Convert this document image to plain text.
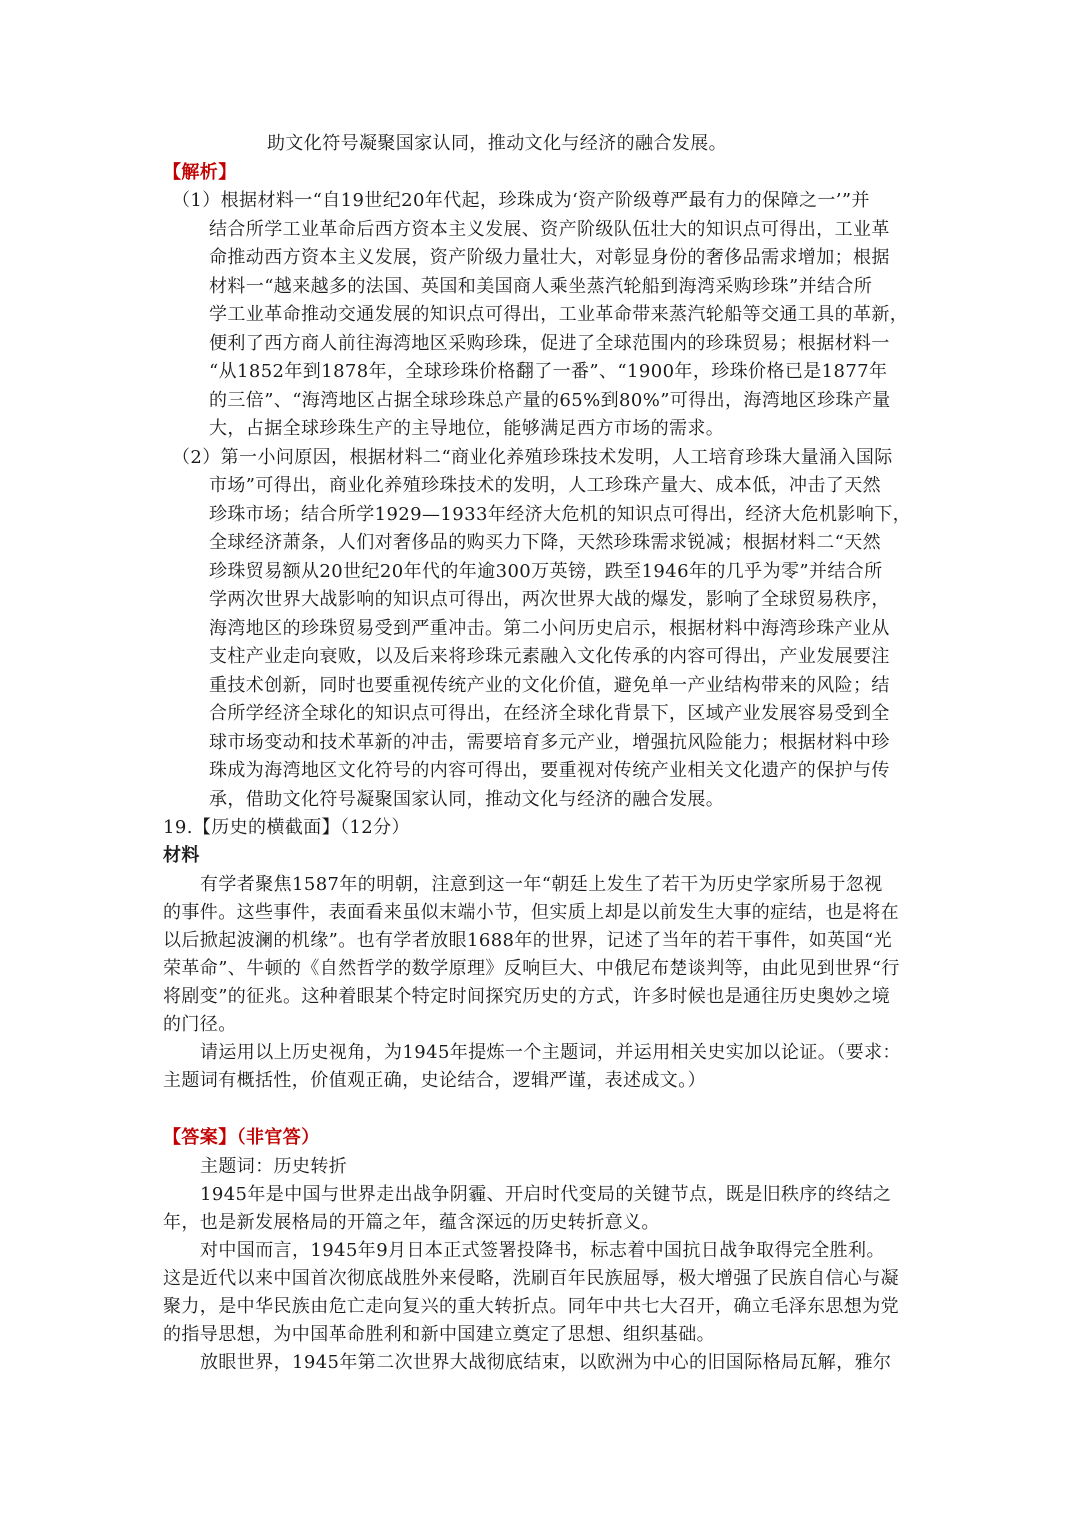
助文化符号凝聚国家认同，推动文化与经济的融合发展。
【解析】
（1）根据材料一“自19世纪20年代起，珍珠成为‘资产阶级尊严最有力的保障之一’”并
结合所学工业革命后西方资本主义发展、资产阶级队伍壮大的知识点可得出，工业革
命推动西方资本主义发展，资产阶级力量壮大，对彰显身份的奢侈品需求增加；根据
材料一“越来越多的法国、英国和美国商人乘坐蒸汽轮船到海湾采购珍珠”并结合所
学工业革命推动交通发展的知识点可得出，工业革命带来蒸汽轮船等交通工具的革新，
便利了西方商人前往海湾地区采购珍珠，促进了全球范围内的珍珠贸易；根据材料一
“从1852年到1878年，全球珍珠价格翻了一番”、“1900年，珍珠价格已是1877年
的三倍”、“海湾地区占据全球珍珠总产量的65%到80%”可得出，海湾地区珍珠产量
大，占据全球珍珠生产的主导地位，能够满足西方市场的需求。
（2）第一小问原因，根据材料二“商业化养殖珍珠技术发明，人工培育珍珠大量涌入国际
市场”可得出，商业化养殖珍珠技术的发明，人工珍珠产量大、成本低，冲击了天然
珍珠市场；结合所学1929—1933年经济大危机的知识点可得出，经济大危机影响下，
全球经济萧条，人们对奢侈品的购买力下降，天然珍珠需求锐减；根据材料二“天然
珍珠贸易额从20世纪20年代的年逾300万英镑，跌至1946年的几乎为零”并结合所
学两次世界大战影响的知识点可得出，两次世界大战的爆发，影响了全球贸易秩序，
海湾地区的珍珠贸易受到严重冲击。第二小问历史启示，根据材料中海湾珍珠产业从
支柱产业走向衰败，以及后来将珍珠元素融入文化传承的内容可得出，产业发展要注
重技术创新，同时也要重视传统产业的文化价值，避免单一产业结构带来的风险；结
合所学经济全球化的知识点可得出，在经济全球化背景下，区域产业发展容易受到全
球市场变动和技术革新的冲击，需要培育多元产业，增强抗风险能力；根据材料中珍
珠成为海湾地区文化符号的内容可得出，要重视对传统产业相关文化遗产的保护与传
承，借助文化符号凝聚国家认同，推动文化与经济的融合发展。
19.【历史的横截面】（12分）
材料
有学者聚焦1587年的明朝，注意到这一年“朝廷上发生了若干为历史学家所易于忽视
的事件。这些事件，表面看来虽似末端小节，但实质上却是以前发生大事的症结，也是将在
以后掀起波澜的机缘”。也有学者放眼1688年的世界，记述了当年的若干事件，如英国“光
荣革命”、牛顿的《自然哲学的数学原理》反响巨大、中俄尼布楚谈判等，由此见到世界“行
将剧变”的征兆。这种着眼某个特定时间探究历史的方式，许多时候也是通往历史奥妙之境
的门径。
请运用以上历史视角，为1945年提炼一个主题词，并运用相关史实加以论证。（要求：
主题词有概括性，价值观正确，史论结合，逻辑严谨，表述成文。）
【答案】（非官答）
主题词：历史转折
1945年是中国与世界走出战争阴霾、开启时代变局的关键节点，既是旧秩序的终结之
年，也是新发展格局的开篇之年，蕴含深远的历史转折意义。
对中国而言，1945年9月日本正式签署投降书，标志着中国抗日战争取得完全胜利。
这是近代以来中国首次彻底战胜外来侵略，洗刷百年民族屈辱，极大增强了民族自信心与凝
聚力，是中华民族由危亡走向复兴的重大转折点。同年中共七大召开，确立毛泽东思想为党
的指导思想，为中国革命胜利和新中国建立奠定了思想、组织基础。
放眼世界，1945年第二次世界大战彻底结束，以欧洲为中心的旧国际格局瓦解，雅尔
